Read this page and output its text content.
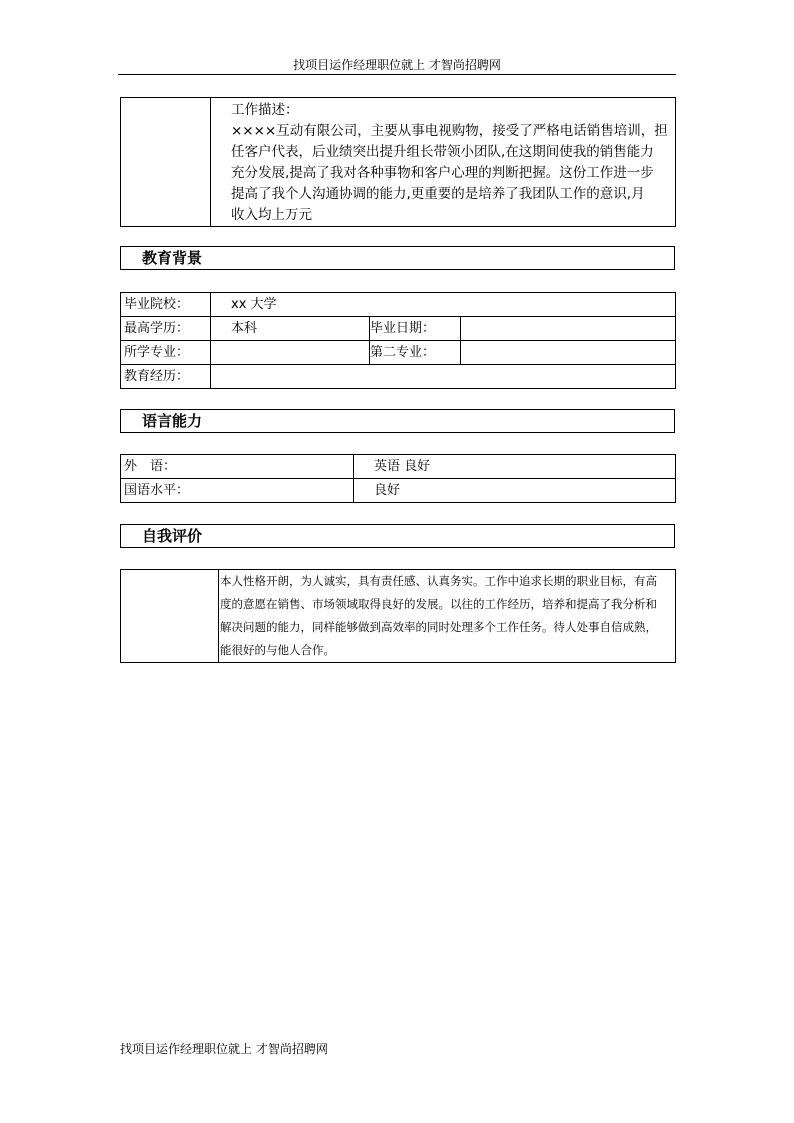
找项目运作经理职位就上 才智尚招聘网

工作描述：
××××互动有限公司，主要从事电视购物，接受了严格电话销售培训，担
任客户代表，后业绩突出提升组长带领小团队,在这期间使我的销售能力
充分发展,提高了我对各种事物和客户心理的判断把握。这份工作进一步
提高了我个人沟通协调的能力,更重要的是培养了我团队工作的意识,月
收入均上万元
教育背景
毕业院校：	xx 大学		
最高学历：	本科	毕业日期：	
所学专业：		第二专业：	
教育经历：			
语言能力
外　语：	英语 良好
国语水平：	良好
自我评价

本人性格开朗，为人诚实，具有责任感、认真务实。工作中追求长期的职业目标，有高
度的意愿在销售、市场领域取得良好的发展。以往的工作经历，培养和提高了我分析和
解决问题的能力，同样能够做到高效率的同时处理多个工作任务。待人处事自信成熟，
能很好的与他人合作。
找项目运作经理职位就上 才智尚招聘网
